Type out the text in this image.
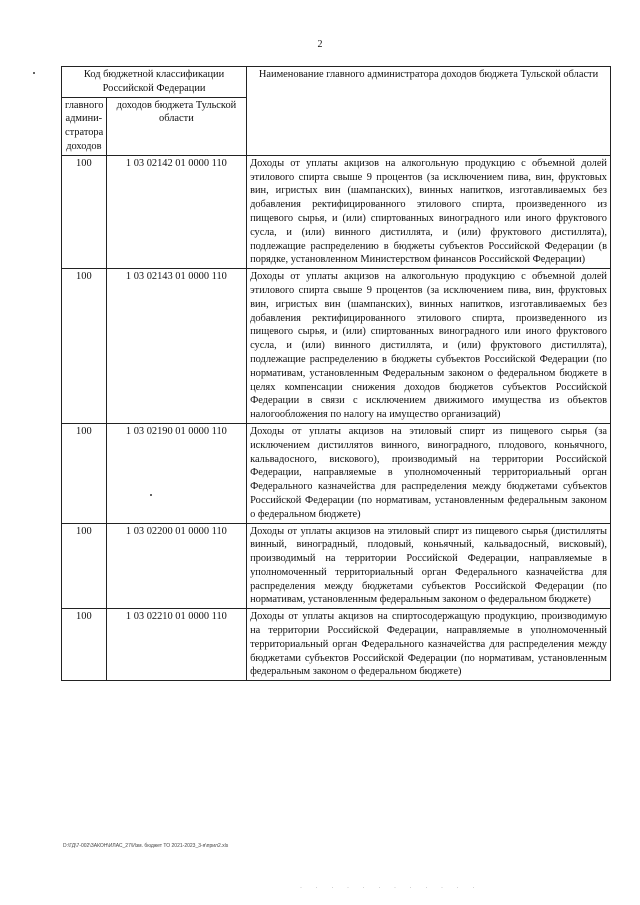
2
Код бюджетной классификации Российской Федерации		Наименование главного администратора доходов бюджета Тульской области
главного админи-стратора доходов	доходов бюджета Тульской области	
100	1 03 02142 01 0000 110	Доходы от уплаты акцизов на алкогольную продукцию с объемной долей этилового спирта свыше 9 процентов (за исключением пива, вин, фруктовых вин, игристых вин (шампанских), винных напитков, изготавливаемых без добавления ректифицированного этилового спирта, произведенного из пищевого сырья, и (или) спиртованных виноградного или иного фруктового сусла, и (или) винного дистиллята, и (или) фруктового дистиллята), подлежащие распределению в бюджеты субъектов Российской Федерации (в порядке, установленном Министерством финансов Российской Федерации)
100	1 03 02143 01 0000 110	Доходы от уплаты акцизов на алкогольную продукцию с объемной долей этилового спирта свыше 9 процентов (за исключением пива, вин, фруктовых вин, игристых вин (шампанских), винных напитков, изготавливаемых без добавления ректифицированного этилового спирта, произведенного из пищевого сырья, и (или) спиртованных виноградного или иного фруктового сусла, и (или) винного дистиллята, и (или) фруктового дистиллята), подлежащие распределению в бюджеты субъектов Российской Федерации (по нормативам, установленным Федеральным законом о федеральном бюджете в целях компенсации снижения доходов бюджетов субъектов Российской Федерации в связи с исключением движимого имущества из объектов налогообложения по налогу на имущество организаций)
100	1 03 02190 01 0000 110	Доходы от уплаты акцизов на этиловый спирт из пищевого сырья (за исключением дистиллятов винного, виноградного, плодового, коньячного, кальвадосного, вискового), производимый на территории Российской Федерации, направляемые в уполномоченный территориальный орган Федерального казначейства для распределения между бюджетами субъектов Российской Федерации (по нормативам, установленным федеральным законом о федеральном бюджете)
100	1 03 02200 01 0000 110	Доходы от уплаты акцизов на этиловый спирт из пищевого сырья (дистилляты винный, виноградный, плодовый, коньячный, кальвадосный, висковый), производимый на территории Российской Федерации, направляемые в уполномоченный территориальный орган Федерального казначейства для распределения между бюджетами субъектов Российской Федерации (по нормативам, установленным федеральным законом о федеральном бюджете)
100	1 03 02210 01 0000 110	Доходы от уплаты акцизов на спиртосодержащую продукцию, производимую на территории Российской Федерации, направляемые в уполномоченный территориальный орган Федерального казначейства для распределения между бюджетами субъектов Российской Федерации (по нормативам, установленным федеральным законом о федеральном бюджете)
D:\ГД\7-002\ЗАКОН\ИЛАС_27\Изм. бюджет ТО 2021-2023_3-я\прил2.xls
· · · · · · · · · · · ·
